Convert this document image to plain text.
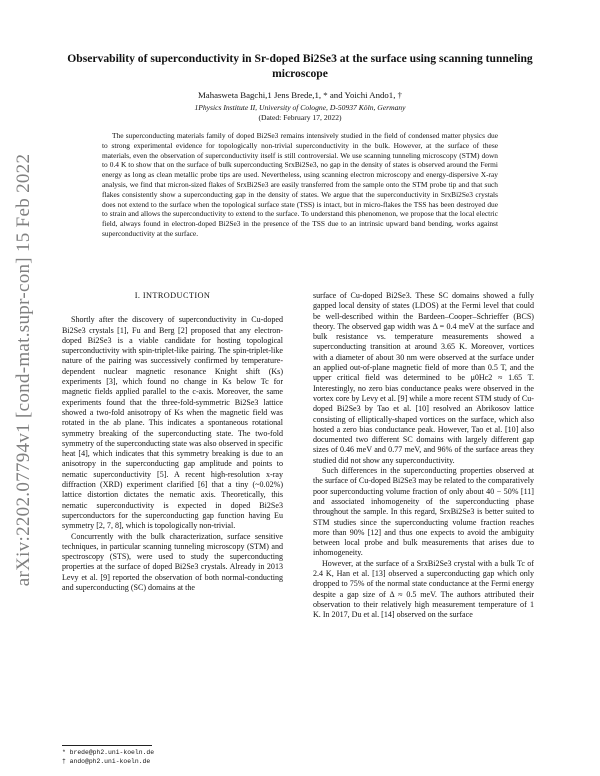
arXiv:2202.07794v1 [cond-mat.supr-con] 15 Feb 2022
Observability of superconductivity in Sr-doped Bi2Se3 at the surface using scanning tunneling microscope
Mahasweta Bagchi,1 Jens Brede,1, * and Yoichi Ando1, †
1Physics Institute II, University of Cologne, D-50937 Köln, Germany
(Dated: February 17, 2022)

The superconducting materials family of doped Bi2Se3 remains intensively studied in the field of condensed matter physics due to strong experimental evidence for topologically non-trivial superconductivity in the bulk. However, at the surface of these materials, even the observation of superconductivity itself is still controversial. We use scanning tunneling microscopy (STM) down to 0.4 K to show that on the surface of bulk superconducting SrxBi2Se3, no gap in the density of states is observed around the Fermi energy as long as clean metallic probe tips are used. Nevertheless, using scanning electron microscopy and energy-dispersive X-ray analysis, we find that micron-sized flakes of SrxBi2Se3 are easily transferred from the sample onto the STM probe tip and that such flakes consistently show a superconducting gap in the density of states. We argue that the superconductivity in SrxBi2Se3 crystals does not extend to the surface when the topological surface state (TSS) is intact, but in micro-flakes the TSS has been destroyed due to strain and allows the superconductivity to extend to the surface. To understand this phenomenon, we propose that the local electric field, always found in electron-doped Bi2Se3 in the presence of the TSS due to an intrinsic upward band bending, works against superconductivity at the surface.

I. INTRODUCTION

Shortly after the discovery of superconductivity in Cu-doped Bi2Se3 crystals [1], Fu and Berg [2] proposed that any electron-doped Bi2Se3 is a viable candidate for hosting topological superconductivity with spin-triplet-like pairing. The spin-triplet-like nature of the pairing was successively confirmed by temperature-dependent nuclear magnetic resonance Knight shift (Ks) experiments [3], which found no change in Ks below Tc for magnetic fields applied parallel to the c-axis. Moreover, the same experiments found that the three-fold-symmetric Bi2Se3 lattice showed a two-fold anisotropy of Ks when the magnetic field was rotated in the ab plane. This indicates a spontaneous rotational symmetry breaking of the superconducting state. The two-fold symmetry of the superconducting state was also observed in specific heat [4], which indicates that this symmetry breaking is due to an anisotropy in the superconducting gap amplitude and points to nematic superconductivity [5]. A recent high-resolution x-ray diffraction (XRD) experiment clarified [6] that a tiny (~0.02%) lattice distortion dictates the nematic axis. Theoretically, this nematic superconductivity is expected in doped Bi2Se3 superconductors for the superconducting gap function having Eu symmetry [2, 7, 8], which is topologically non-trivial.

Concurrently with the bulk characterization, surface sensitive techniques, in particular scanning tunneling microscopy (STM) and spectroscopy (STS), were used to study the superconducting properties at the surface of doped Bi2Se3 crystals. Already in 2013 Levy et al. [9] reported the observation of both normal-conducting and superconducting (SC) domains at the

surface of Cu-doped Bi2Se3. These SC domains showed a fully gapped local density of states (LDOS) at the Fermi level that could be well-described within the Bardeen–Cooper–Schrieffer (BCS) theory. The observed gap width was Δ = 0.4 meV at the surface and bulk resistance vs. temperature measurements showed a superconducting transition at around 3.65 K. Moreover, vortices with a diameter of about 30 nm were observed at the surface under an applied out-of-plane magnetic field of more than 0.5 T, and the upper critical field was determined to be μ0Hc2 ≈ 1.65 T. Interestingly, no zero bias conductance peaks were observed in the vortex core by Levy et al. [9] while a more recent STM study of Cu-doped Bi2Se3 by Tao et al. [10] resolved an Abrikosov lattice consisting of elliptically-shaped vortices on the surface, which also hosted a zero bias conductance peak. However, Tao et al. [10] also documented two different SC domains with largely different gap sizes of 0.46 meV and 0.77 meV, and 96% of the surface areas they studied did not show any superconductivity.

Such differences in the superconducting properties observed at the surface of Cu-doped Bi2Se3 may be related to the comparatively poor superconducting volume fraction of only about 40 − 50% [11] and associated inhomogeneity of the superconducting phase throughout the sample. In this regard, SrxBi2Se3 is better suited to STM studies since the superconducting volume fraction reaches more than 90% [12] and thus one expects to avoid the ambiguity between local probe and bulk measurements that arises due to inhomogeneity.

However, at the surface of a SrxBi2Se3 crystal with a bulk Tc of 2.4 K, Han et al. [13] observed a superconducting gap which only dropped to 75% of the normal state conductance at the Fermi energy despite a gap size of Δ ≈ 0.5 meV. The authors attributed their observation to their relatively high measurement temperature of 1 K. In 2017, Du et al. [14] observed on the surface

* brede@ph2.uni-koeln.de
† ando@ph2.uni-koeln.de
